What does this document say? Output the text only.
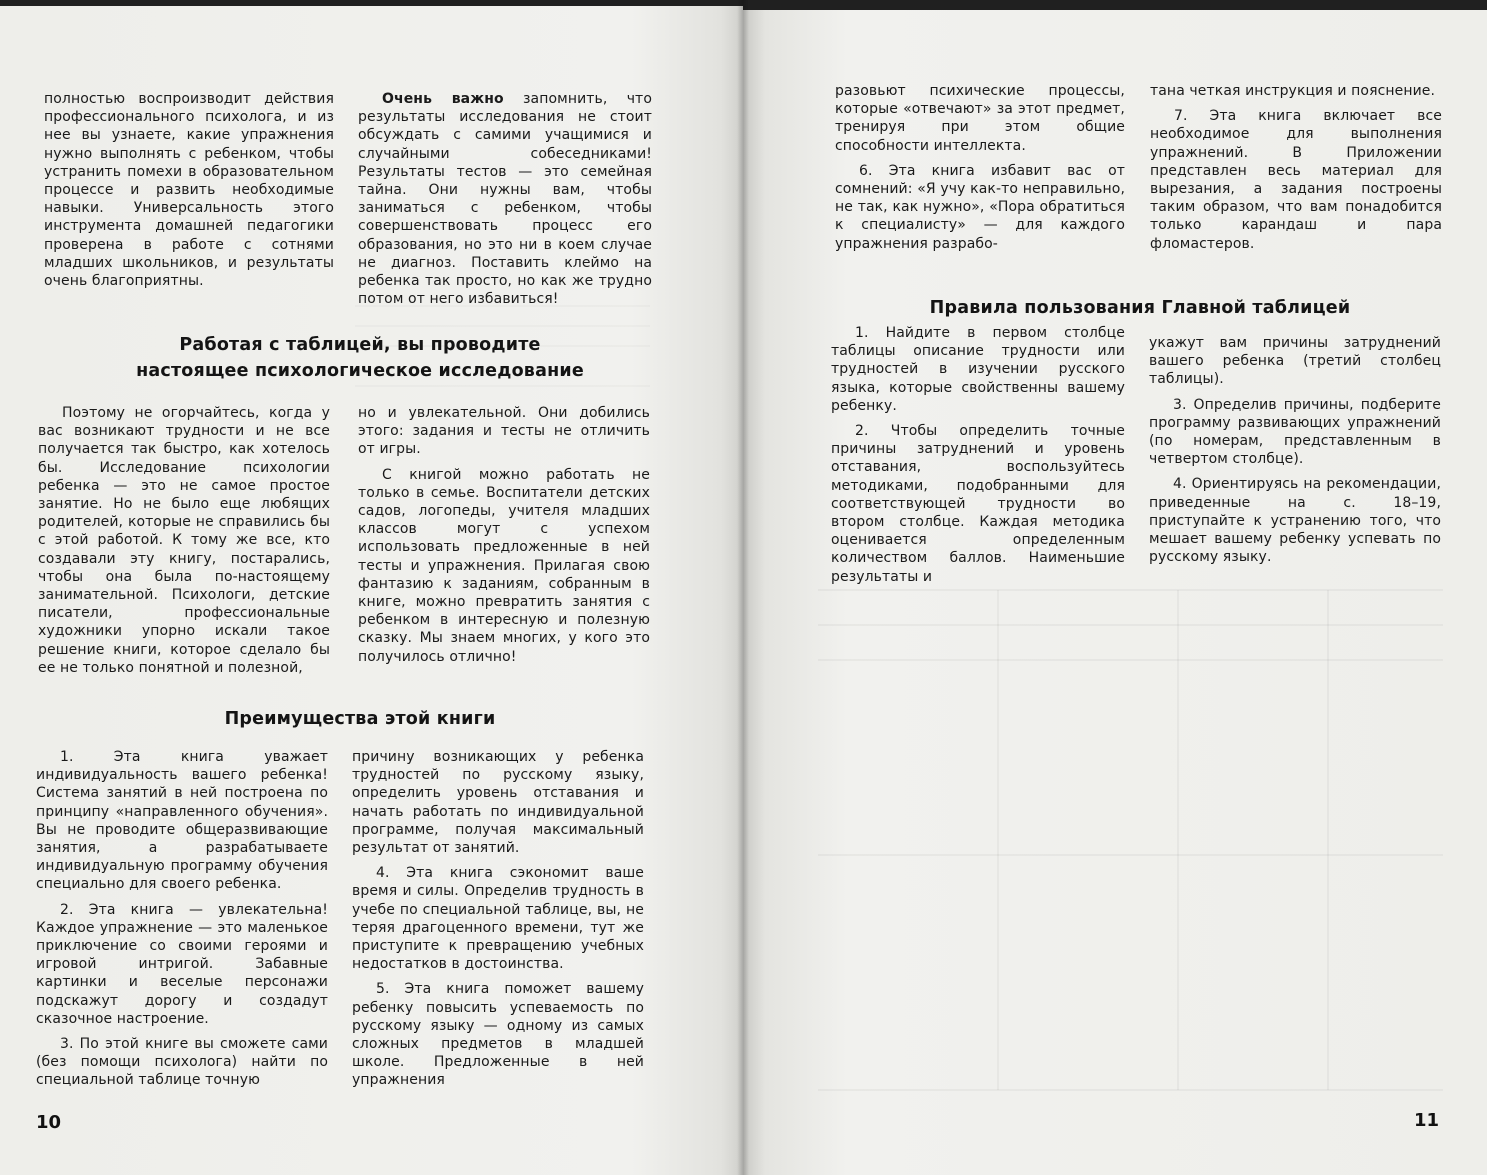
полностью воспроизводит действия профессионального психолога, и из нее вы узнаете, какие упражнения нужно выполнять с ребенком, чтобы устранить помехи в образовательном процессе и развить необходимые навыки. Универсальность этого инструмента домашней педагогики проверена в работе с сотнями младших школьников, и результаты очень благоприятны.

Очень важно запомнить, что результаты исследования не стоит обсуждать с самими учащимися и случайными собеседниками! Результаты тестов — это семейная тайна. Они нужны вам, чтобы заниматься с ребенком, чтобы совершенствовать процесс его образования, но это ни в коем случае не диагноз. Поставить клеймо на ребенка так просто, но как же трудно потом от него избавиться!

Работая с таблицей, вы проводите
настоящее психологическое исследование

Поэтому не огорчайтесь, когда у вас возникают трудности и не все получается так быстро, как хотелось бы. Исследование психологии ребенка — это не самое простое занятие. Но не было еще любящих родителей, которые не справились бы с этой работой. К тому же все, кто создавали эту книгу, постарались, чтобы она была по-настоящему занимательной. Психологи, детские писатели, профессиональные художники упорно искали такое решение книги, которое сделало бы ее не только понятной и полезной,

но и увлекательной. Они добились этого: задания и тесты не отличить от игры.

С книгой можно работать не только в семье. Воспитатели детских садов, логопеды, учителя младших классов могут с успехом использовать предложенные в ней тесты и упражнения. Прилагая свою фантазию к заданиям, собранным в книге, можно превратить занятия с ребенком в интересную и полезную сказку. Мы знаем многих, у кого это получилось отлично!

Преимущества этой книги

1. Эта книга уважает индивидуальность вашего ребенка! Система занятий в ней построена по принципу «направленного обучения». Вы не проводите общеразвивающие занятия, а разрабатываете индивидуальную программу обучения специально для своего ребенка.

2. Эта книга — увлекательна! Каждое упражнение — это маленькое приключение со своими героями и игровой интригой. Забавные картинки и веселые персонажи подскажут дорогу и создадут сказочное настроение.

3. По этой книге вы сможете сами (без помощи психолога) найти по специальной таблице точную

причину возникающих у ребенка трудностей по русскому языку, определить уровень отставания и начать работать по индивидуальной программе, получая максимальный результат от занятий.

4. Эта книга сэкономит ваше время и силы. Определив трудность в учебе по специальной таблице, вы, не теряя драгоценного времени, тут же приступите к превращению учебных недостатков в достоинства.

5. Эта книга поможет вашему ребенку повысить успеваемость по русскому языку — одному из самых сложных предметов в младшей школе. Предложенные в ней упражнения

10

разовьют психические процессы, которые «отвечают» за этот предмет, тренируя при этом общие способности интеллекта.

6. Эта книга избавит вас от сомнений: «Я учу как-то неправильно, не так, как нужно», «Пора обратиться к специалисту» — для каждого упражнения разрабо-

тана четкая инструкция и пояснение.

7. Эта книга включает все необходимое для выполнения упражнений. В Приложении представлен весь материал для вырезания, а задания построены таким образом, что вам понадобится только карандаш и пара фломастеров.

Правила пользования Главной таблицей

1. Найдите в первом столбце таблицы описание трудности или трудностей в изучении русского языка, которые свойственны вашему ребенку.

2. Чтобы определить точные причины затруднений и уровень отставания, воспользуйтесь методиками, подобранными для соответствующей трудности во втором столбце. Каждая методика оценивается определенным количеством баллов. Наименьшие результаты и

укажут вам причины затруднений вашего ребенка (третий столбец таблицы).

3. Определив причины, подберите программу развивающих упражнений (по номерам, представленным в четвертом столбце).

4. Ориентируясь на рекомендации, приведенные на с. 18–19, приступайте к устранению того, что мешает вашему ребенку успевать по русскому языку.

11
